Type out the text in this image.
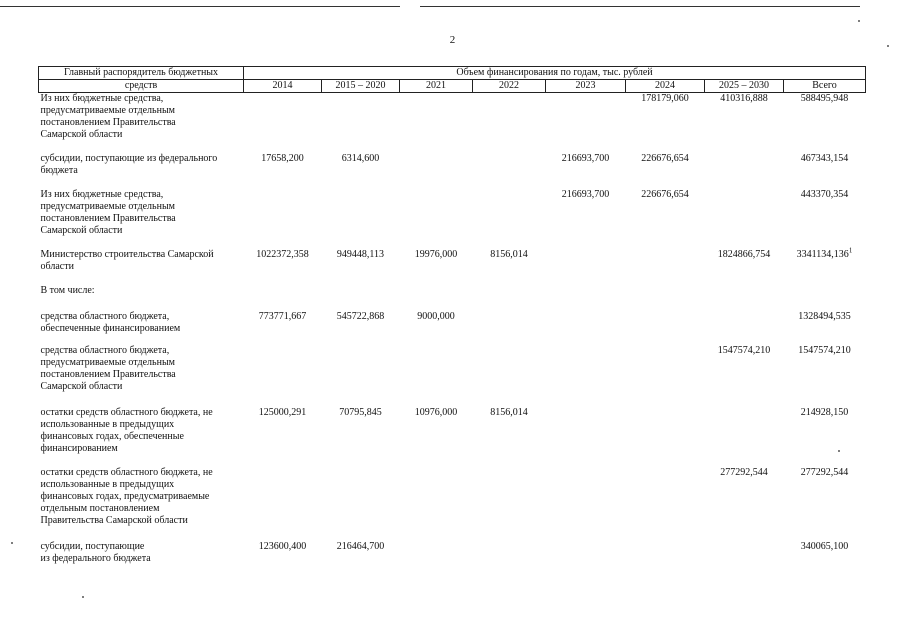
2
Главный распорядитель бюджетных	Объем финансирования по годам, тыс. рублей							
средств	2014	2015 – 2020	2021	2022	2023	2024	2025 – 2030	Всего

Из них бюджетные средства,
предусматриваемые отдельным
постановлением Правительства
Самарской области						178179,060	410316,888	588495,948

субсидии, поступающие из федерального
бюджета	17658,200	6314,600			216693,700	226676,654		467343,154

Из них бюджетные средства,
предусматриваемые отдельным
постановлением Правительства
Самарской области					216693,700	226676,654		443370,354

Министерство строительства Самарской
области	1022372,358	949448,113	19976,000	8156,014			1824866,754	3341134,136$^1$

В том числе:								

средства областного бюджета,
обеспеченные финансированием	773771,667	545722,868	9000,000					1328494,535

средства областного бюджета,
предусматриваемые отдельным
постановлением Правительства
Самарской области							1547574,210	1547574,210

остатки средств областного бюджета, не
использованные в предыдущих
финансовых годах, обеспеченные
финансированием	125000,291	70795,845	10976,000	8156,014				214928,150

остатки средств областного бюджета, не
использованные в предыдущих
финансовых годах, предусматриваемые
отдельным постановлением
Правительства Самарской области							277292,544	277292,544

субсидии, поступающие
из федерального бюджета	123600,400	216464,700						340065,100
